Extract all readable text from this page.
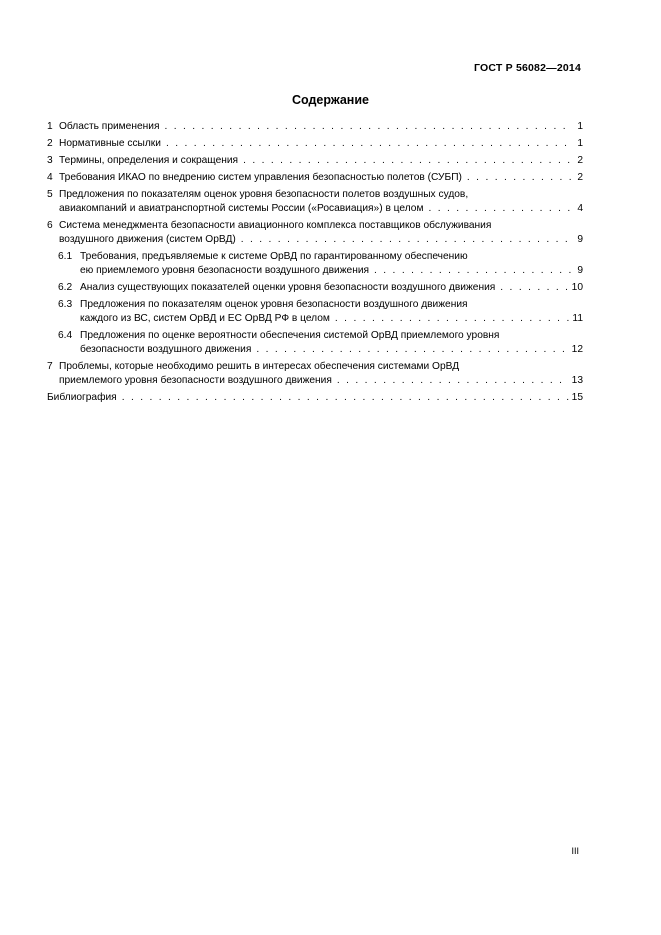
ГОСТ Р 56082—2014
Содержание
1 Область применения . . .	1
2 Нормативные ссылки . . .	1
3 Термины, определения и сокращения . . .	2
4 Требования ИКАО по внедрению систем управления безопасностью полетов (СУБП) . . .	2
5 Предложения по показателям оценок уровня безопасности полетов воздушных судов,
авиакомпаний и авиатранспортной системы России («Росавиация») в целом . . .	4
6 Система менеджмента безопасности авиационного комплекса поставщиков обслуживания
воздушного движения (систем ОрВД) . . .	9
6.1 Требования, предъявляемые к системе ОрВД по гарантированному обеспечению
ею приемлемого уровня безопасности воздушного движения . . .	9
6.2 Анализ существующих показателей оценки уровня безопасности воздушного движения . . .	10
6.3 Предложения по показателям оценок уровня безопасности воздушного движения
каждого из ВС, систем ОрВД и ЕС ОрВД РФ в целом . . .	11
6.4 Предложения по оценке вероятности обеспечения системой ОрВД приемлемого уровня
безопасности воздушного движения . . .	12
7 Проблемы, которые необходимо решить в интересах обеспечения системами ОрВД
приемлемого уровня безопасности воздушного движения . . .	13
Библиография . . .	15
III
